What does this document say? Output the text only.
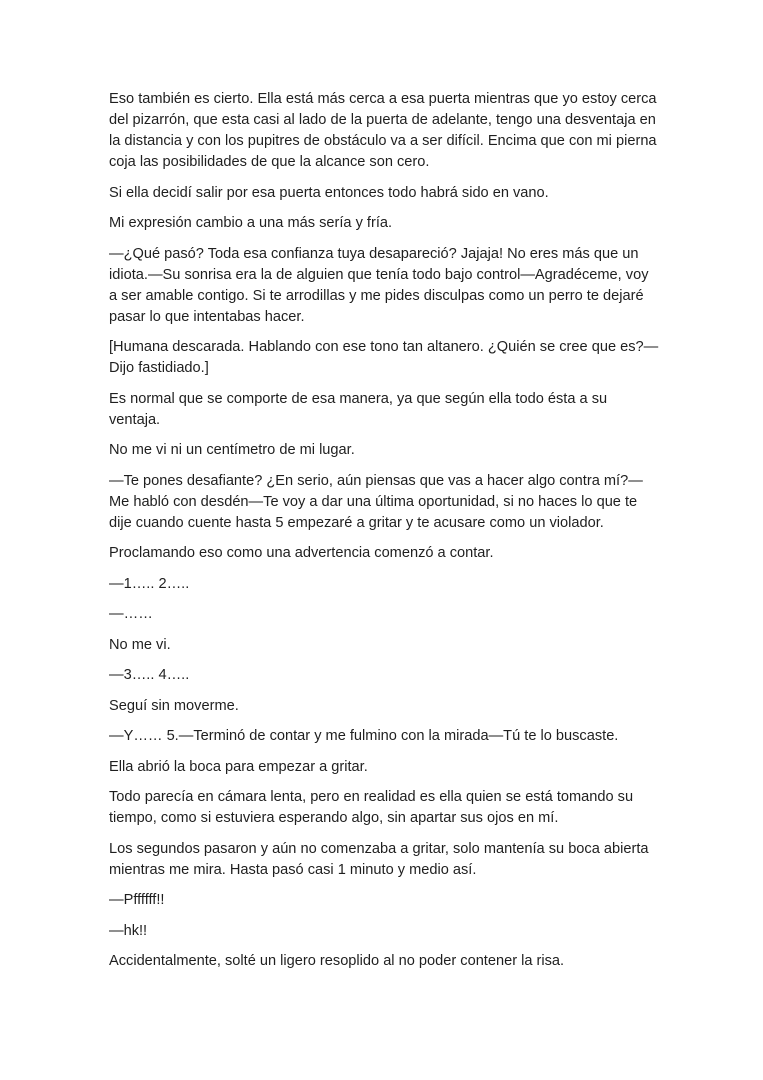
Eso también es cierto. Ella está más cerca a esa puerta mientras que yo estoy cerca del pizarrón, que esta casi al lado de la puerta de adelante, tengo una desventaja en la distancia y con los pupitres de obstáculo va a ser difícil. Encima que con mi pierna coja las posibilidades de que la alcance son cero.

Si ella decidí salir por esa puerta entonces todo habrá sido en vano.

Mi expresión cambio a una más sería y fría.

—¿Qué pasó? Toda esa confianza tuya desapareció? Jajaja! No eres más que un idiota.—Su sonrisa era la de alguien que tenía todo bajo control—Agradéceme, voy a ser amable contigo. Si te arrodillas y me pides disculpas como un perro te dejaré pasar lo que intentabas hacer.

[Humana descarada. Hablando con ese tono tan altanero. ¿Quién se cree que es?—Dijo fastidiado.]

Es normal que se comporte de esa manera, ya que según ella todo ésta a su ventaja.

No me vi ni un centímetro de mi lugar.

—Te pones desafiante? ¿En serio, aún piensas que vas a hacer algo contra mí?—Me habló con desdén—Te voy a dar una última oportunidad, si no haces lo que te dije cuando cuente hasta 5 empezaré a gritar y te acusare como un violador.

Proclamando eso como una advertencia comenzó a contar.

—1….. 2…..

—……

No me vi.

—3….. 4…..

Seguí sin moverme.

—Y…… 5.—Terminó de contar y me fulmino con la mirada—Tú te lo buscaste.

Ella abrió la boca para empezar a gritar.

Todo parecía en cámara lenta, pero en realidad es ella quien se está tomando su tiempo, como si estuviera esperando algo, sin apartar sus ojos en mí.

Los segundos pasaron y aún no comenzaba a gritar, solo mantenía su boca abierta mientras me mira. Hasta pasó casi 1 minuto y medio así.

—Pffffff!!

—hk!!

Accidentalmente, solté un ligero resoplido al no poder contener la risa.
